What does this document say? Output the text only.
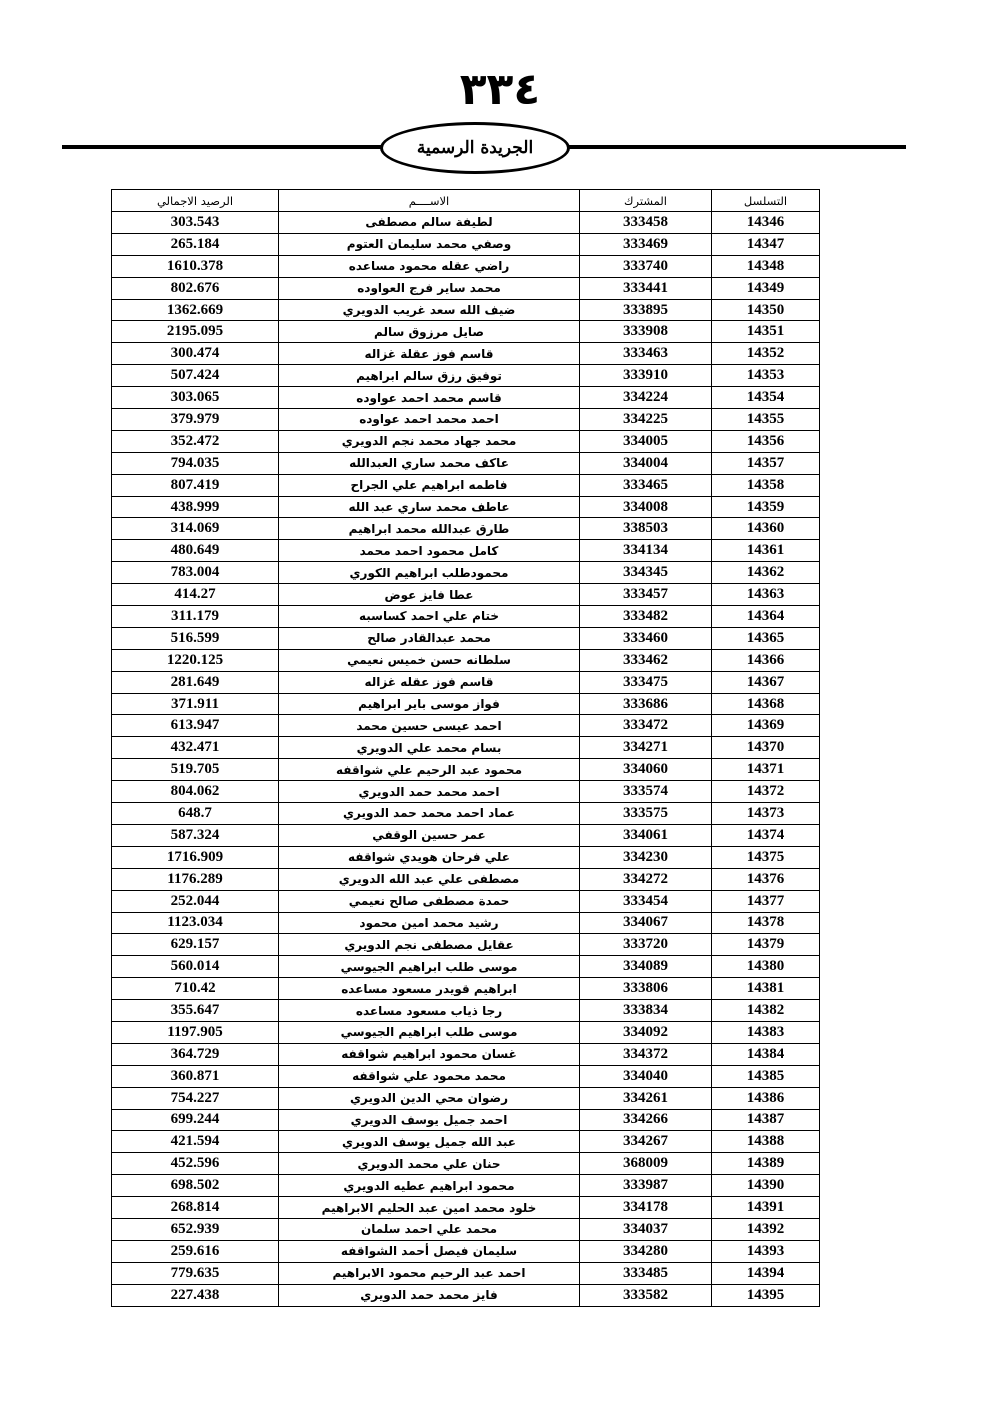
٣٣٤
الجريدة الرسمية
التسلسل	المشترك	الاســــم	الرصيد الاجمالي
14346	333458	لطيفة سالم مصطفى	303.543
14347	333469	وصفي محمد سليمان العتوم	265.184
14348	333740	راضي عقله محمود مساعده	1610.378
14349	333441	محمد ساير فرج العواوده	802.676
14350	333895	ضيف الله سعد غريب الدويري	1362.669
14351	333908	صايل مرزوق سالم	2195.095
14352	333463	قاسم فوز عقلة غزاله	300.474
14353	333910	توفيق رزق سالم ابراهيم	507.424
14354	334224	قاسم محمد احمد عواوده	303.065
14355	334225	احمد محمد احمد عواوده	379.979
14356	334005	محمد جهاد محمد نجم الدويري	352.472
14357	334004	عاكف محمد ساري العبدالله	794.035
14358	333465	فاطمه ابراهيم علي الجراح	807.419
14359	334008	عاطف محمد ساري عبد الله	438.999
14360	338503	طارق عبدالله محمد ابراهيم	314.069
14361	334134	كامل محمود احمد محمد	480.649
14362	334345	محمودطلب ابراهيم الكوري	783.004
14363	333457	عطا فايز عوض	414.27
14364	333482	ختام علي احمد كساسبه	311.179
14365	333460	محمد عبدالقادر صالح	516.599
14366	333462	سلطانه حسن خميس نعيمي	1220.125
14367	333475	قاسم فوز عقله غزاله	281.649
14368	333686	فواز موسى باير ابراهيم	371.911
14369	333472	احمد عيسى حسين محمد	613.947
14370	334271	بسام محمد علي الدويري	432.471
14371	334060	محمود عبد الرحيم علي شواقفه	519.705
14372	333574	احمد محمد حمد الدويري	804.062
14373	333575	عماد احمد محمد حمد الدويري	648.7
14374	334061	عمر حسين الوقفي	587.324
14375	334230	علي فرحان هويدي شواقفه	1716.909
14376	334272	مصطفى علي عبد الله الدويري	1176.289
14377	333454	حمدة مصطفى صالح نعيمي	252.044
14378	334067	رشيد محمد امين محمود	1123.034
14379	333720	عقايل مصطفى نجم الدويري	629.157
14380	334089	موسى طلب ابراهيم الجيوسي	560.014
14381	333806	ابراهيم قويدر مسعود مساعده	710.42
14382	333834	رجا ذياب مسعود مساعده	355.647
14383	334092	موسى طلب ابراهيم الجيوسي	1197.905
14384	334372	غسان محمود ابراهيم شواقفه	364.729
14385	334040	محمد محمود علي شواقفه	360.871
14386	334261	رضوان محي الدين الدويري	754.227
14387	334266	احمد جميل يوسف الدويري	699.244
14388	334267	عبد الله جميل يوسف الدويري	421.594
14389	368009	حنان علي محمد الدويري	452.596
14390	333987	محمود ابراهيم عطيه الدويري	698.502
14391	334178	خلود محمد امين عبد الحليم الابراهيم	268.814
14392	334037	محمد علي احمد سلمان	652.939
14393	334280	سليمان فيصل أحمد الشواقفه	259.616
14394	333485	احمد عبد الرحيم محمود الابراهيم	779.635
14395	333582	فايز محمد حمد الدويري	227.438
